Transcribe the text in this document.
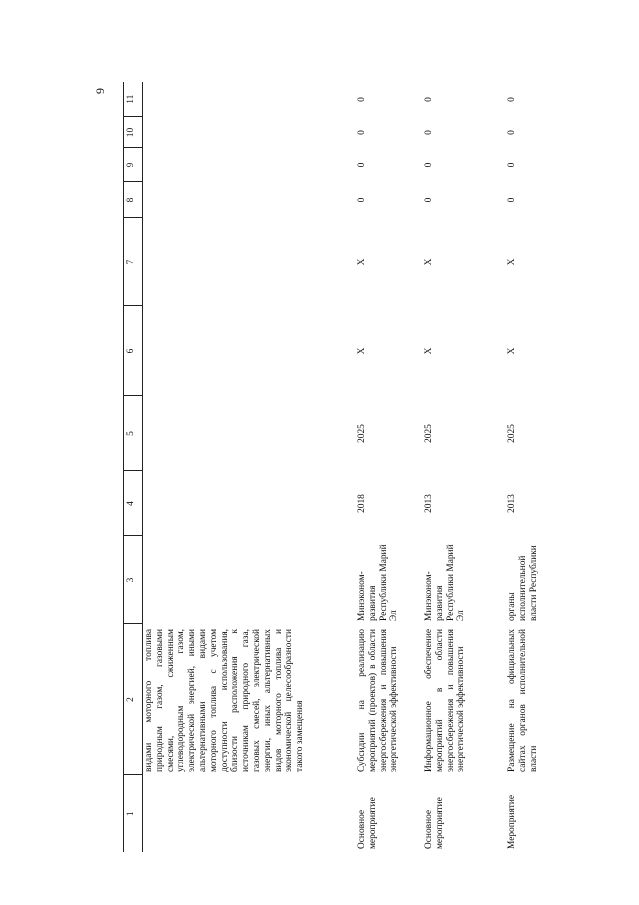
9
1	2	3	4	5	6	7	8	9	10	11
	видами моторного топлива природным газом, газовыми смесями, сжиженным углеводородным газом, электрической энергией, иными альтернативными видами моторного топлива с учетом доступности использования, близости расположения к источникам природного газа, газовых смесей, электрической энергии, иных альтернативных видов моторного топлива и экономической целесообразности такого замещения									
Основное мероприятие	Субсидии на реализацию мероприятий (проектов) в области энергосбережения и повышения энергетической эффективности	Минэконом-развития Республики Марий Эл	2018	2025	Х	Х	0	0	0	0
Основное мероприятие	Информационное обеспечение мероприятий в области энергосбережения и повышения энергетической эффективности	Минэконом-развития Республики Марий Эл	2013	2025	Х	Х	0	0	0	0
Мероприятие	Размещение на официальных сайтах органов исполнительной власти	органы исполнительной власти Республики	2013	2025	Х	Х	0	0	0	0
